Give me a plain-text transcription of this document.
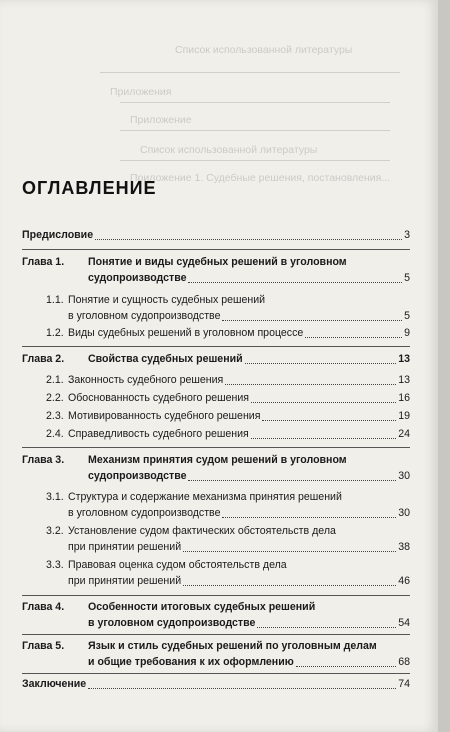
Список использованной литературы
Приложения
Приложение
Список использованной литературы
Приложение 1. Судебные решения, постановления...
ОГЛАВЛЕНИЕ
Предисловие	3
Глава 1. Понятие и виды судебных решений в уголовном
судопроизводстве	5
1.1. Понятие и сущность судебных решений
в уголовном судопроизводстве	5
1.2. Виды судебных решений в уголовном процессе	9
Глава 2. Свойства судебных решений	13
2.1. Законность судебного решения	13
2.2. Обоснованность судебного решения	16
2.3. Мотивированность судебного решения	19
2.4. Справедливость судебного решения	24
Глава 3. Механизм принятия судом решений в уголовном
судопроизводстве	30
3.1. Структура и содержание механизма принятия решений
в уголовном судопроизводстве	30
3.2. Установление судом фактических обстоятельств дела
при принятии решений	38
3.3. Правовая оценка судом обстоятельств дела
при принятии решений	46
Глава 4. Особенности итоговых судебных решений
в уголовном судопроизводстве	54
Глава 5. Язык и стиль судебных решений по уголовным делам
и общие требования к их оформлению	68
Заключение	74
